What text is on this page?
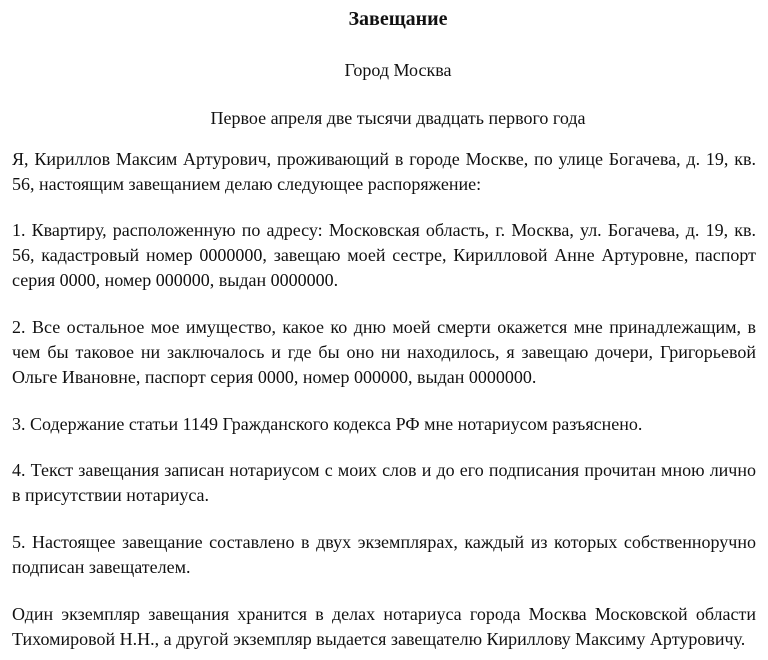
Завещание
Город Москва
Первое апреля две тысячи двадцать первого года

Я, Кириллов Максим Артурович, проживающий в городе Москве, по улице Богачева, д. 19, кв. 56, настоящим завещанием делаю следующее распоряжение:

1. Квартиру, расположенную по адресу: Московская область, г. Москва, ул. Богачева, д. 19, кв. 56, кадастровый номер 0000000, завещаю моей сестре, Кирилловой Анне Артуровне, паспорт серия 0000, номер 000000, выдан 0000000.

2. Все остальное мое имущество, какое ко дню моей смерти окажется мне принадлежащим, в чем бы таковое ни заключалось и где бы оно ни находилось, я завещаю дочери, Григорьевой Ольге Ивановне, паспорт серия 0000, номер 000000, выдан 0000000.

3. Содержание статьи 1149 Гражданского кодекса РФ мне нотариусом разъяснено.

4. Текст завещания записан нотариусом с моих слов и до его подписания прочитан мною лично в присутствии нотариуса.

5. Настоящее завещание составлено в двух экземплярах, каждый из которых собственноручно подписан завещателем.

Один экземпляр завещания хранится в делах нотариуса города Москва Московской области Тихомировой Н.Н., а другой экземпляр выдается завещателю Кириллову Максиму Артуровичу.
